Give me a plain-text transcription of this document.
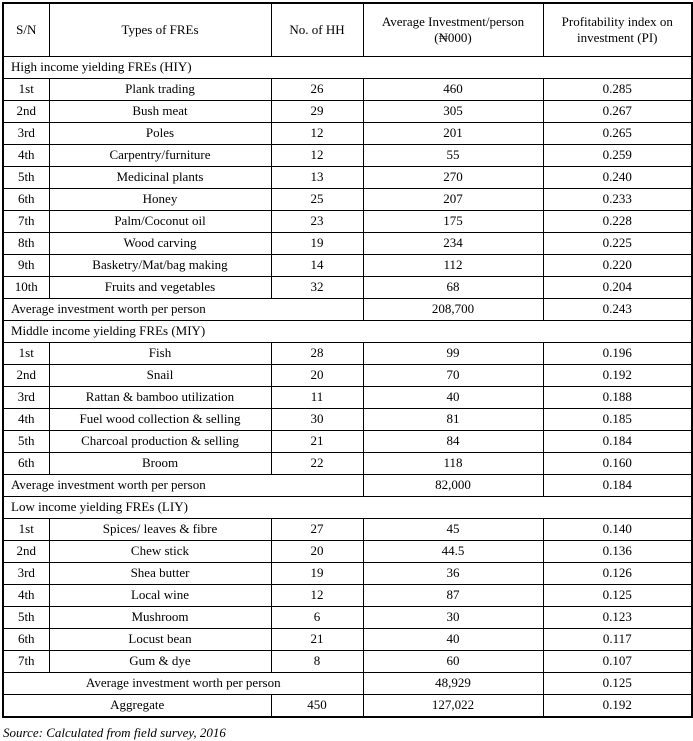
S/N	Types of FREs	No. of HH	Average Investment/person (₦000)	Profitability index on investment (PI)
High income yielding FREs (HIY)				
1st	Plank trading	26	460	0.285
2nd	Bush meat	29	305	0.267
3rd	Poles	12	201	0.265
4th	Carpentry/furniture	12	55	0.259
5th	Medicinal plants	13	270	0.240
6th	Honey	25	207	0.233
7th	Palm/Coconut oil	23	175	0.228
8th	Wood carving	19	234	0.225
9th	Basketry/Mat/bag making	14	112	0.220
10th	Fruits and vegetables	32	68	0.204
Average investment worth per person			208,700	0.243
Middle income yielding FREs (MIY)				
1st	Fish	28	99	0.196
2nd	Snail	20	70	0.192
3rd	Rattan & bamboo utilization	11	40	0.188
4th	Fuel wood collection & selling	30	81	0.185
5th	Charcoal production & selling	21	84	0.184
6th	Broom	22	118	0.160
Average investment worth per person			82,000	0.184
Low income yielding FREs (LIY)				
1st	Spices/ leaves & fibre	27	45	0.140
2nd	Chew stick	20	44.5	0.136
3rd	Shea butter	19	36	0.126
4th	Local wine	12	87	0.125
5th	Mushroom	6	30	0.123
6th	Locust bean	21	40	0.117
7th	Gum & dye	8	60	0.107
Average investment worth per person			48,929	0.125
Aggregate		450	127,022	0.192
Source: Calculated from field survey, 2016
